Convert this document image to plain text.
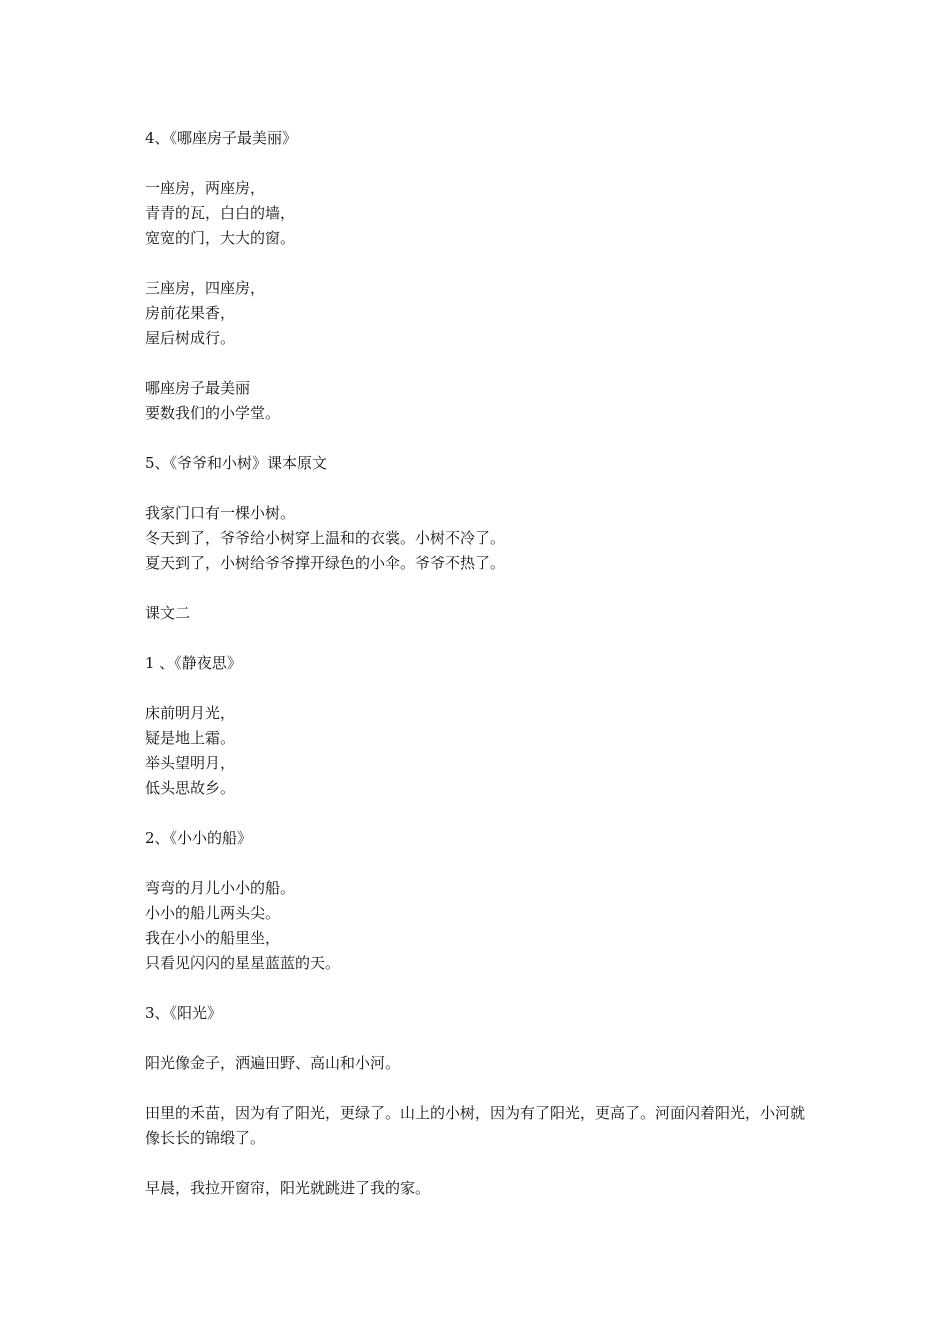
4、《哪座房子最美丽》
一座房，两座房，
青青的瓦，白白的墙，
宽宽的门，大大的窗。
三座房，四座房，
房前花果香，
屋后树成行。
哪座房子最美丽
要数我们的小学堂。
5、《爷爷和小树》课本原文
我家门口有一棵小树。
冬天到了，爷爷给小树穿上温和的衣裳。小树不冷了。
夏天到了，小树给爷爷撑开绿色的小伞。爷爷不热了。
课文二
1 、《静夜思》
床前明月光，
疑是地上霜。
举头望明月，
低头思故乡。
2、《小小的船》
弯弯的月儿小小的船。
小小的船儿两头尖。
我在小小的船里坐，
只看见闪闪的星星蓝蓝的天。
3、《阳光》
阳光像金子，洒遍田野、高山和小河。
田里的禾苗，因为有了阳光，更绿了。山上的小树，因为有了阳光，更高了。河面闪着阳光，小河就像长长的锦缎了。
早晨，我拉开窗帘，阳光就跳进了我的家。
